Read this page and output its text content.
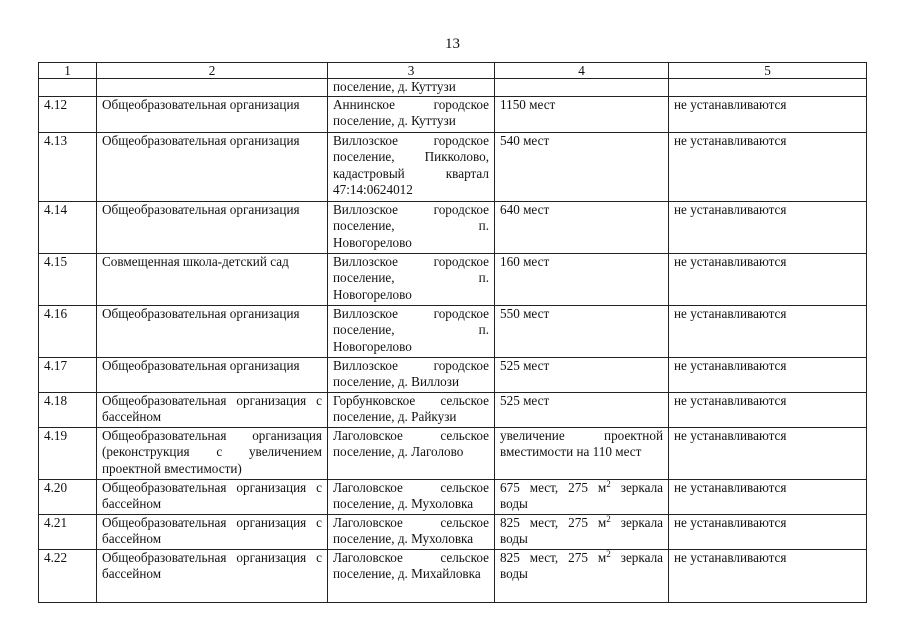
13
1	2	3	4	5
		поселение, д. Куттузи		
4.12	Общеобразовательная организация	Аннинское городское поселение, д. Куттузи	1150 мест	не устанавливаются
4.13	Общеобразовательная организация	Виллозское городское поселение, Пикколово, кадастровый квартал 47:14:0624012	540 мест	не устанавливаются
4.14	Общеобразовательная организация	Виллозское городское поселение, п. Новогорелово	640 мест	не устанавливаются
4.15	Совмещенная школа-детский сад	Виллозское городское поселение, п. Новогорелово	160 мест	не устанавливаются
4.16	Общеобразовательная организация	Виллозское городское поселение, п. Новогорелово	550 мест	не устанавливаются
4.17	Общеобразовательная организация	Виллозское городское поселение, д. Виллози	525 мест	не устанавливаются
4.18	Общеобразовательная организация с бассейном	Горбунковское сельское поселение, д. Райкузи	525 мест	не устанавливаются
4.19	Общеобразовательная организация (реконструкция с увеличением проектной вместимости)	Лаголовское сельское поселение, д. Лаголово	увеличение проектной вместимости на 110 мест	не устанавливаются
4.20	Общеобразовательная организация с бассейном	Лаголовское сельское поселение, д. Мухоловка	675 мест, 275 $м^2$ зеркала воды	не устанавливаются
4.21	Общеобразовательная организация с бассейном	Лаголовское сельское поселение, д. Мухоловка	825 мест, 275 $м^2$ зеркала воды	не устанавливаются
4.22	Общеобразовательная организация с бассейном	Лаголовское сельское поселение, д. Михайловка	825 мест, 275 $м^2$ зеркала воды	не устанавливаются
